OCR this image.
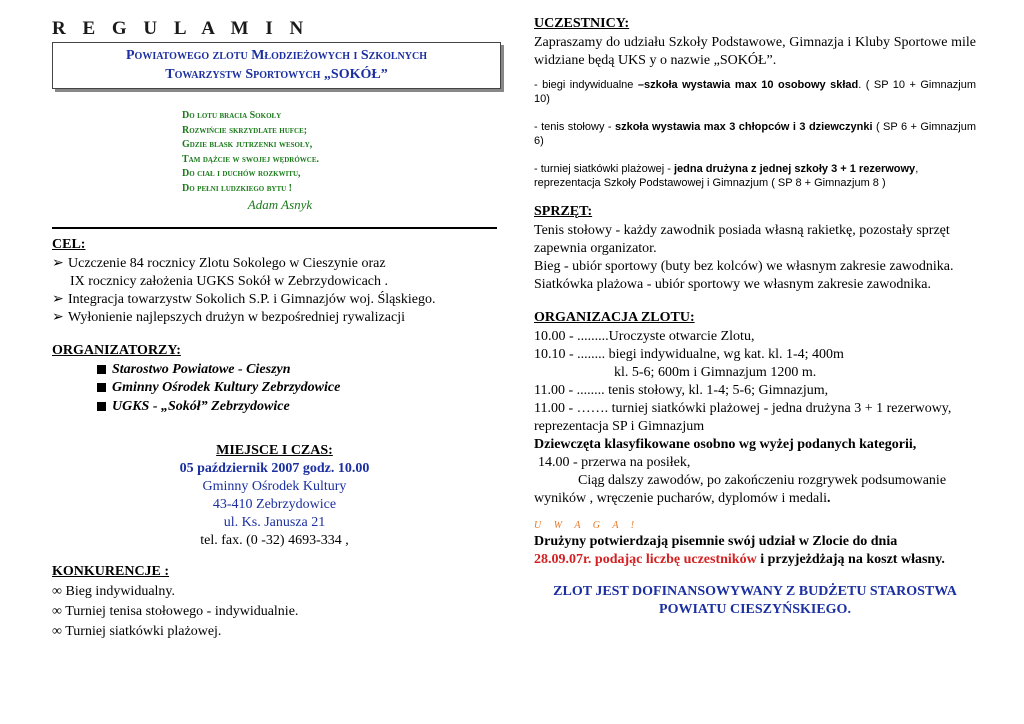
R E G U L A M I N
Powiatowego zlotu Młodzieżowych i Szkolnych
Towarzystw Sportowych „SOKÓŁ”
Do lotu bracia Sokoły
Rozwińcie skrzydlate hufce;
Gdzie blask jutrzenki wesoły,
Tam dążcie w swojej wędrówce.
Do ciał i duchów rozkwitu,
Do pełni ludzkiego bytu !
Adam Asnyk
CEL:
➢ Uczczenie 84 rocznicy Zlotu Sokolego w Cieszynie oraz
IX rocznicy założenia UGKS Sokół w Zebrzydowicach .
➢ Integracja towarzystw Sokolich S.P. i Gimnazjów woj. Śląskiego.
➢ Wyłonienie najlepszych drużyn w bezpośredniej rywalizacji
ORGANIZATORZY:
Starostwo Powiatowe - Cieszyn
Gminny Ośrodek Kultury Zebrzydowice
UGKS - „Sokół” Zebrzydowice
MIEJSCE I CZAS:
05 październik 2007 godz. 10.00
Gminny Ośrodek Kultury
43-410 Zebrzydowice
ul. Ks. Janusza 21
tel. fax. (0 -32) 4693-334 ,
KONKURENCJE :
∞ Bieg indywidualny.
∞ Turniej tenisa stołowego - indywidualnie.
∞ Turniej siatkówki plażowej.
UCZESTNICY:
Zapraszamy do udziału Szkoły Podstawowe, Gimnazja i Kluby Sportowe mile widziane będą UKS y o nazwie „SOKÓŁ”.
- biegi indywidualne –szkoła wystawia max 10 osobowy skład. ( SP 10 + Gimnazjum 10)
- tenis stołowy - szkoła wystawia max 3 chłopców i 3 dziewczynki ( SP 6 + Gimnazjum 6)
- turniej siatkówki plażowej - jedna drużyna z jednej szkoły 3 + 1 rezerwowy, reprezentacja Szkoły Podstawowej i Gimnazjum ( SP 8 + Gimnazjum 8 )
SPRZĘT:
Tenis stołowy - każdy zawodnik posiada własną rakietkę, pozostały sprzęt zapewnia organizator.
Bieg - ubiór sportowy (buty bez kolców) we własnym zakresie zawodnika.
Siatkówka plażowa - ubiór sportowy we własnym zakresie zawodnika.
ORGANIZACJA ZLOTU:
10.00 - .........Uroczyste otwarcie Zlotu,
10.10 - ........ biegi indywidualne, wg kat. kl. 1-4; 400m
kl. 5-6; 600m i Gimnazjum 1200 m.
11.00 - ........ tenis stołowy, kl. 1-4; 5-6; Gimnazjum,
11.00 - ……. turniej siatkówki plażowej - jedna drużyna 3 + 1 rezerwowy, reprezentacja SP i Gimnazjum
Dziewczęta klasyfikowane osobno wg wyżej podanych kategorii,
14.00 - przerwa na posiłek,
Ciąg dalszy zawodów, po zakończeniu rozgrywek podsumowanie wyników , wręczenie pucharów, dyplomów i medali.
U W A G A !
Drużyny potwierdzają pisemnie swój udział w Zlocie do dnia
28.09.07r. podając liczbę uczestników i przyjeżdżają na koszt własny.
ZLOT JEST DOFINANSOWYWANY Z BUDŻETU STAROSTWA POWIATU CIESZYŃSKIEGO.
